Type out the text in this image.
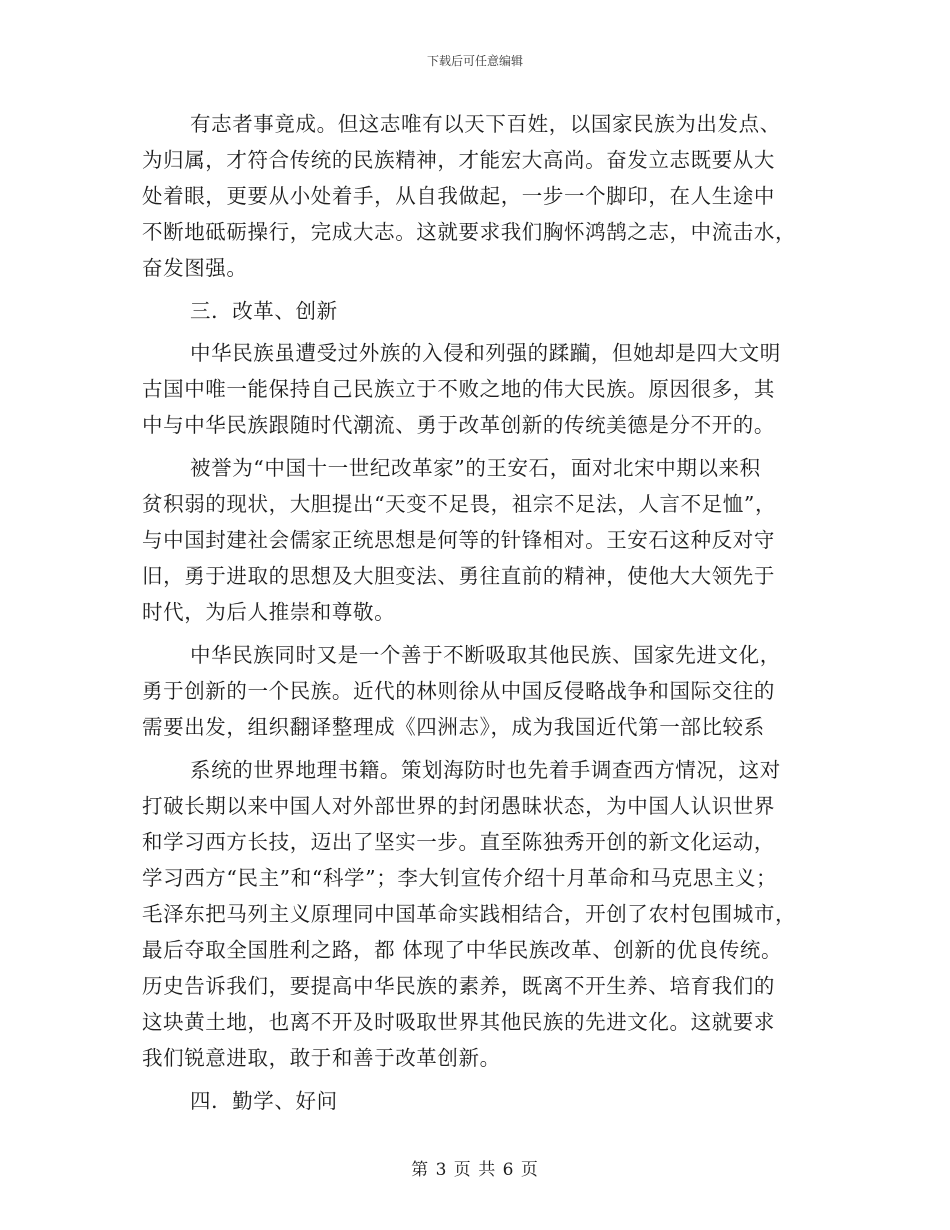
下载后可任意编辑
有志者事竟成。但这志唯有以天下百姓，以国家民族为出发点、
为归属，才符合传统的民族精神，才能宏大高尚。奋发立志既要从大
处着眼，更要从小处着手，从自我做起，一步一个脚印，在人生途中
不断地砥砺操行，完成大志。这就要求我们胸怀鸿鹄之志，中流击水，
奋发图强。
三．改革、创新
中华民族虽遭受过外族的入侵和列强的蹂躏，但她却是四大文明
古国中唯一能保持自己民族立于不败之地的伟大民族。原因很多，其
中与中华民族跟随时代潮流、勇于改革创新的传统美德是分不开的。
被誉为“中国十一世纪改革家”的王安石，面对北宋中期以来积
贫积弱的现状，大胆提出“天变不足畏，祖宗不足法，人言不足恤”，
与中国封建社会儒家正统思想是何等的针锋相对。王安石这种反对守
旧，勇于进取的思想及大胆变法、勇往直前的精神，使他大大领先于
时代，为后人推崇和尊敬。
中华民族同时又是一个善于不断吸取其他民族、国家先进文化，
勇于创新的一个民族。近代的林则徐从中国反侵略战争和国际交往的
需要出发，组织翻译整理成《四洲志》，成为我国近代第一部比较系
系统的世界地理书籍。策划海防时也先着手调查西方情况，这对
打破长期以来中国人对外部世界的封闭愚昧状态，为中国人认识世界
和学习西方长技，迈出了坚实一步。直至陈独秀开创的新文化运动，
学习西方“民主”和“科学”；李大钊宣传介绍十月革命和马克思主义；
毛泽东把马列主义原理同中国革命实践相结合，开创了农村包围城市，
最后夺取全国胜利之路，都 体现了中华民族改革、创新的优良传统。
历史告诉我们，要提高中华民族的素养，既离不开生养、培育我们的
这块黄土地，也离不开及时吸取世界其他民族的先进文化。这就要求
我们锐意进取，敢于和善于改革创新。
四．勤学、好问
第 3 页 共 6 页
